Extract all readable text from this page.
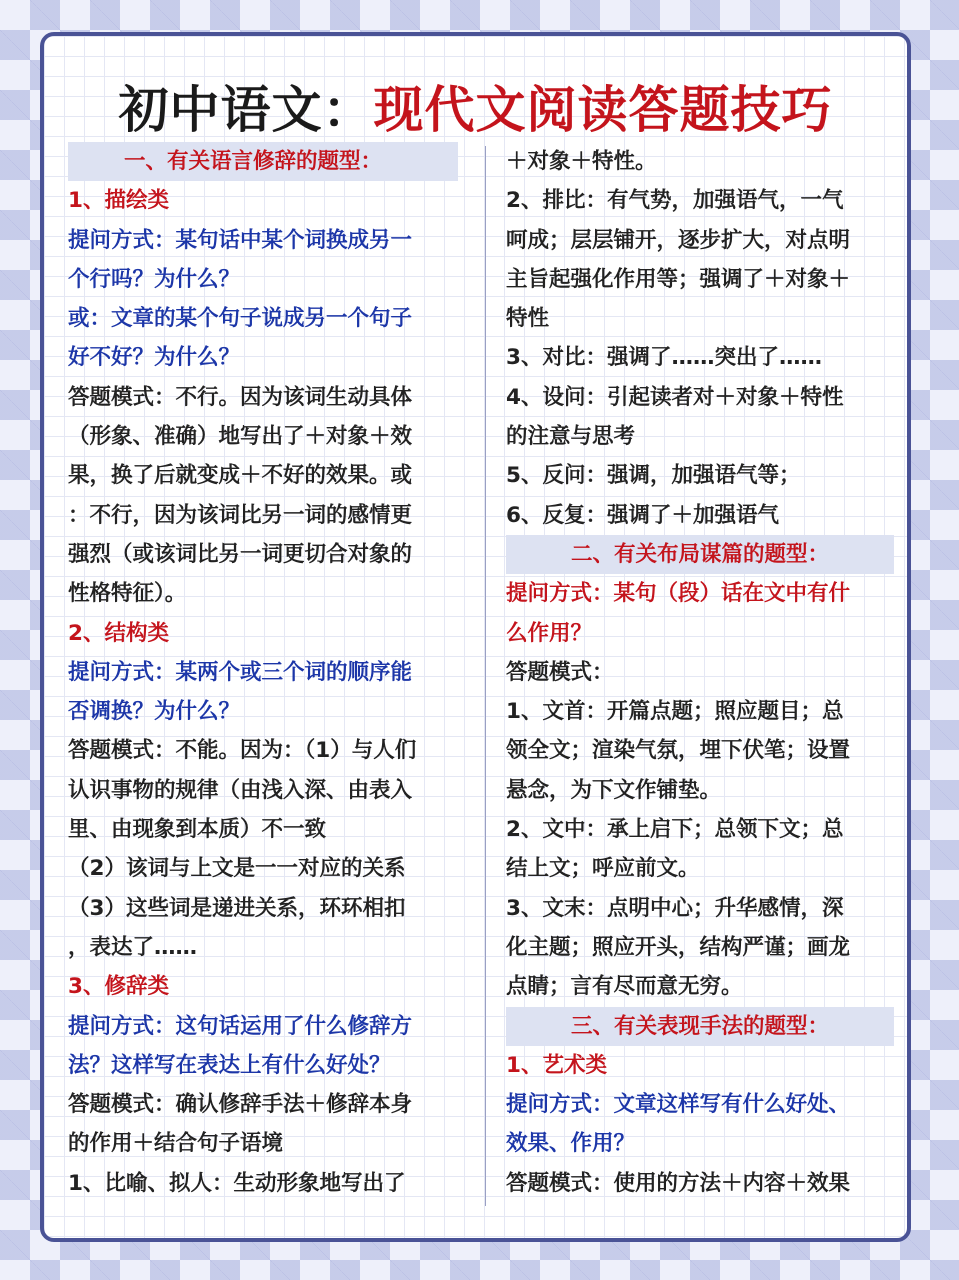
初中语文：现代文阅读答题技巧
一、有关语言修辞的题型：
1、描绘类
提问方式：某句话中某个词换成另一
个行吗？为什么？
或：文章的某个句子说成另一个句子
好不好？为什么？
答题模式：不行。因为该词生动具体
（形象、准确）地写出了＋对象＋效
果，换了后就变成＋不好的效果。或
：不行，因为该词比另一词的感情更
强烈（或该词比另一词更切合对象的
性格特征）。
2、结构类
提问方式：某两个或三个词的顺序能
否调换？为什么？
答题模式：不能。因为：（1）与人们
认识事物的规律（由浅入深、由表入
里、由现象到本质）不一致
（2）该词与上文是一一对应的关系
（3）这些词是递进关系，环环相扣
，表达了……
3、修辞类
提问方式：这句话运用了什么修辞方
法？这样写在表达上有什么好处？
答题模式：确认修辞手法＋修辞本身
的作用＋结合句子语境
1、比喻、拟人：生动形象地写出了
＋对象＋特性。
2、排比：有气势，加强语气，一气
呵成；层层铺开，逐步扩大，对点明
主旨起强化作用等；强调了＋对象＋
特性
3、对比：强调了……突出了……
4、设问：引起读者对＋对象＋特性
的注意与思考
5、反问：强调，加强语气等；
6、反复：强调了＋加强语气
二、有关布局谋篇的题型：
提问方式：某句（段）话在文中有什
么作用？
答题模式：
1、文首：开篇点题；照应题目；总
领全文；渲染气氛，埋下伏笔；设置
悬念，为下文作铺垫。
2、文中：承上启下；总领下文；总
结上文；呼应前文。
3、文末：点明中心；升华感情，深
化主题；照应开头，结构严谨；画龙
点睛；言有尽而意无穷。
三、有关表现手法的题型：
1、艺术类
提问方式：文章这样写有什么好处、
效果、作用？
答题模式：使用的方法＋内容＋效果
